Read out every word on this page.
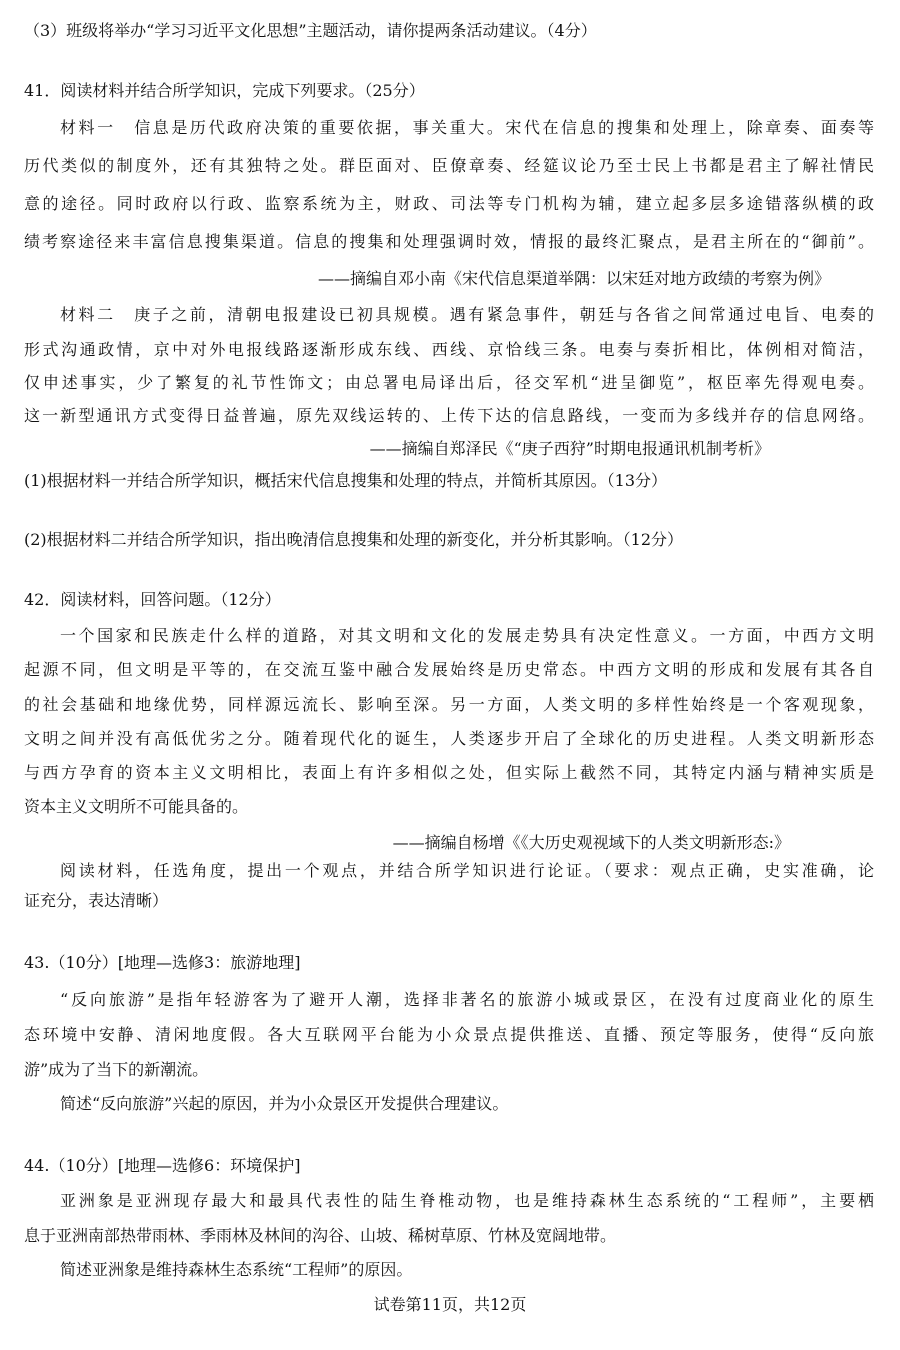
（3）班级将举办“学习习近平文化思想”主题活动，请你提两条活动建议。（4分）
41．阅读材料并结合所学知识，完成下列要求。（25分）
材料一　信息是历代政府决策的重要依据，事关重大。宋代在信息的搜集和处理上，除章奏、面奏等
历代类似的制度外，还有其独特之处。群臣面对、臣僚章奏、经筵议论乃至士民上书都是君主了解社情民
意的途径。同时政府以行政、监察系统为主，财政、司法等专门机构为辅，建立起多层多途错落纵横的政
绩考察途径来丰富信息搜集渠道。信息的搜集和处理强调时效，情报的最终汇聚点，是君主所在的“御前”。
——摘编自邓小南《宋代信息渠道举隅：以宋廷对地方政绩的考察为例》
材料二　庚子之前，清朝电报建设已初具规模。遇有紧急事件，朝廷与各省之间常通过电旨、电奏的
形式沟通政情，京中对外电报线路逐渐形成东线、西线、京恰线三条。电奏与奏折相比，体例相对简洁，
仅申述事实，少了繁复的礼节性饰文；由总署电局译出后，径交军机“进呈御览”，枢臣率先得观电奏。
这一新型通讯方式变得日益普遍，原先双线运转的、上传下达的信息路线，一变而为多线并存的信息网络。
——摘编自郑泽民《“庚子西狩”时期电报通讯机制考析》
(1)根据材料一并结合所学知识，概括宋代信息搜集和处理的特点，并简析其原因。（13分）
(2)根据材料二并结合所学知识，指出晚清信息搜集和处理的新变化，并分析其影响。（12分）
42．阅读材料，回答问题。（12分）
一个国家和民族走什么样的道路，对其文明和文化的发展走势具有决定性意义。一方面，中西方文明
起源不同，但文明是平等的，在交流互鉴中融合发展始终是历史常态。中西方文明的形成和发展有其各自
的社会基础和地缘优势，同样源远流长、影响至深。另一方面，人类文明的多样性始终是一个客观现象，
文明之间并没有高低优劣之分。随着现代化的诞生，人类逐步开启了全球化的历史进程。人类文明新形态
与西方孕育的资本主义文明相比，表面上有许多相似之处，但实际上截然不同，其特定内涵与精神实质是
资本主义文明所不可能具备的。
——摘编自杨增《《大历史观视域下的人类文明新形态:》
阅读材料，任选角度，提出一个观点，并结合所学知识进行论证。（要求：观点正确，史实准确，论
证充分，表达清晰）
43.（10分）[地理—选修3：旅游地理]
“反向旅游”是指年轻游客为了避开人潮，选择非著名的旅游小城或景区，在没有过度商业化的原生
态环境中安静、清闲地度假。各大互联网平台能为小众景点提供推送、直播、预定等服务，使得“反向旅
游”成为了当下的新潮流。
简述“反向旅游”兴起的原因，并为小众景区开发提供合理建议。
44.（10分）[地理—选修6：环境保护]
亚洲象是亚洲现存最大和最具代表性的陆生脊椎动物，也是维持森林生态系统的“工程师”，主要栖
息于亚洲南部热带雨林、季雨林及林间的沟谷、山坡、稀树草原、竹林及宽阔地带。
简述亚洲象是维持森林生态系统“工程师”的原因。
试卷第11页，共12页
